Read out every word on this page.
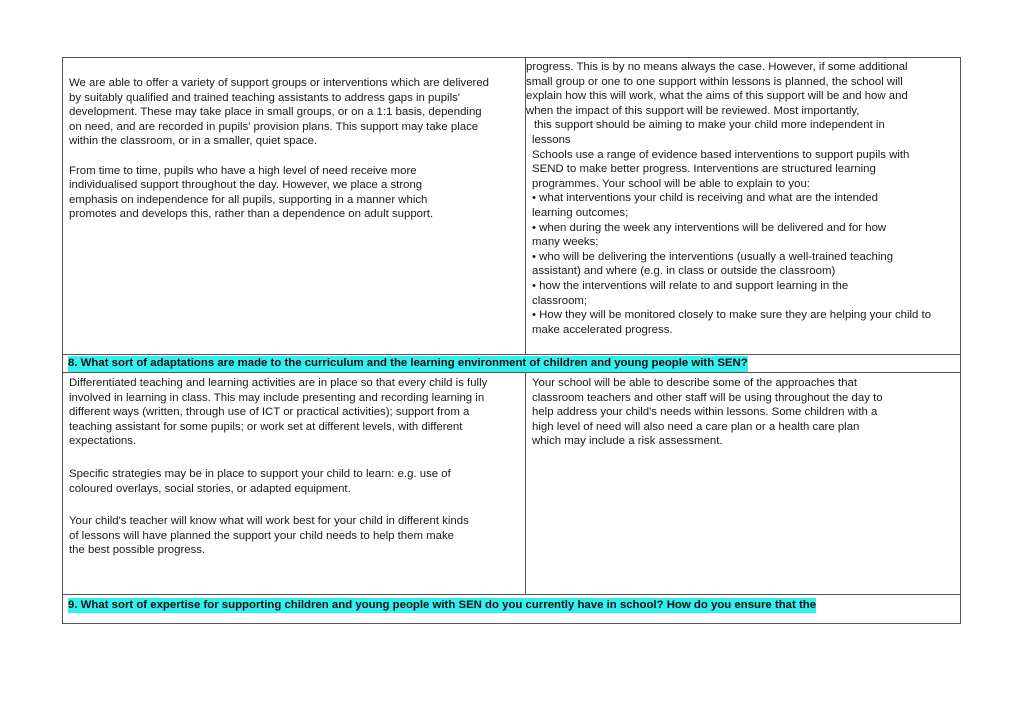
We are able to offer a variety of support groups or interventions which are delivered

by suitably qualified and trained teaching assistants to address gaps in pupils'

development. These may take place in small groups, or on a 1:1 basis, depending

on need, and are recorded in pupils' provision plans. This support may take place

within the classroom, or in a smaller, quiet space.

From time to time, pupils who have a high level of need receive more

individualised support throughout the day. However, we place a strong

emphasis on independence for all pupils, supporting in a manner which

promotes and develops this, rather than a dependence on adult support.

progress. This is by no means always the case. However, if some additional

small group or one to one support within lessons is planned, the school will

explain how this will work, what the aims of this support will be and how and

when the impact of this support will be reviewed. Most importantly,

this support should be aiming to make your child more independent in

lessons

Schools use a range of evidence based interventions to support pupils with

SEND to make better progress. Interventions are structured learning

programmes. Your school will be able to explain to you:

• what interventions your child is receiving and what are the intended

learning outcomes;

• when during the week any interventions will be delivered and for how

many weeks;

• who will be delivering the interventions (usually a well-trained teaching

assistant) and where (e.g. in class or outside the classroom)

• how the interventions will relate to and support learning in the

classroom;

• How they will be monitored closely to make sure they are helping your child to

make accelerated progress.

8. What sort of adaptations are made to the curriculum and the learning environment of children and young people with SEN?

Differentiated teaching and learning activities are in place so that every child is fully

involved in learning in class. This may include presenting and recording learning in

different ways (written, through use of ICT or practical activities); support from a

teaching assistant for some pupils; or work set at different levels, with different

expectations.

Specific strategies may be in place to support your child to learn: e.g. use of

coloured overlays, social stories, or adapted equipment.

Your child's teacher will know what will work best for your child in different kinds

of lessons will have planned the support your child needs to help them make

the best possible progress.

Your school will be able to describe some of the approaches that

classroom teachers and other staff will be using throughout the day to

help address your child's needs within lessons. Some children with a

high level of need will also need a care plan or a health care plan

which may include a risk assessment.

9. What sort of expertise for supporting children and young people with SEN do you currently have in school? How do you ensure that the
